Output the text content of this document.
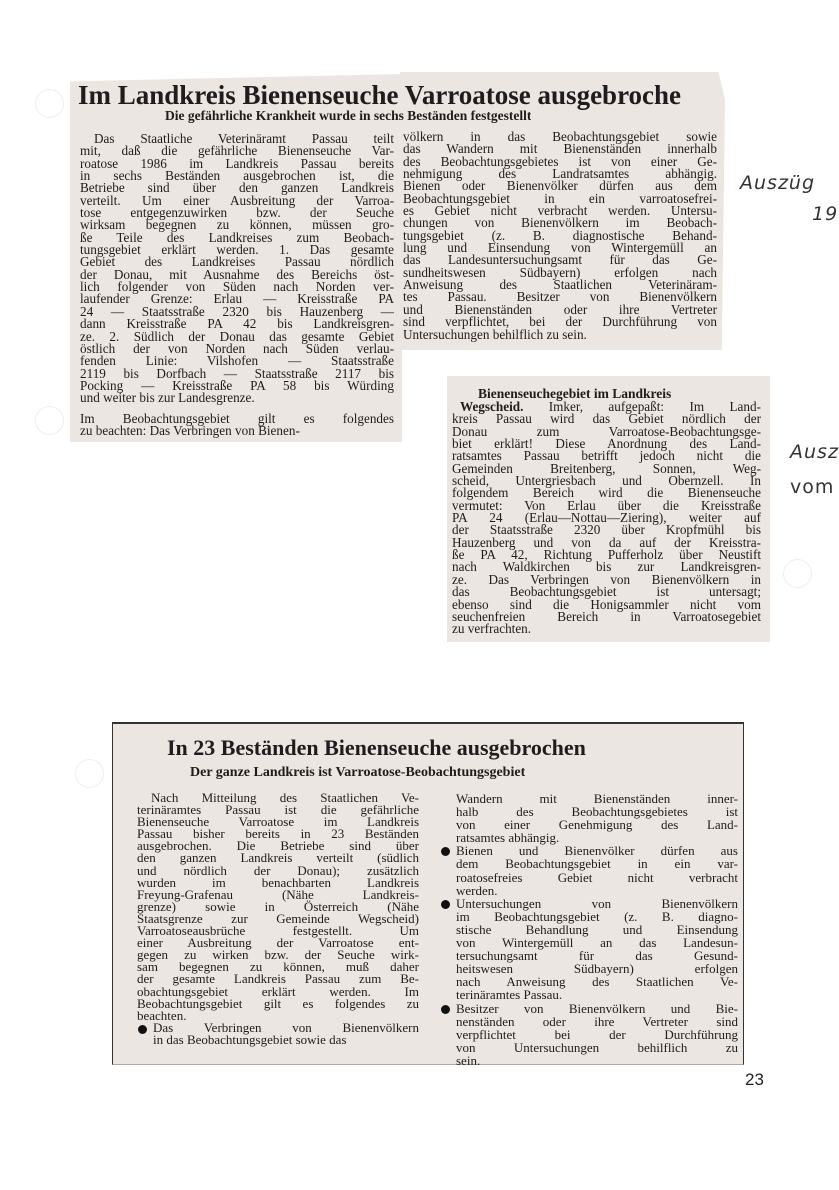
Im Landkreis Bienenseuche Varroatose ausgebroche
Die gefährliche Krankheit wurde in sechs Beständen festgestellt
Das Staatliche Veterinäramt Passau teilt
mit, daß die gefährliche Bienenseuche Var-
roatose 1986 im Landkreis Passau bereits
in sechs Beständen ausgebrochen ist, die
Betriebe sind über den ganzen Landkreis
verteilt. Um einer Ausbreitung der Varroa-
tose entgegenzuwirken bzw. der Seuche
wirksam begegnen zu können, müssen gro-
ße Teile des Landkreises zum Beobach-
tungsgebiet erklärt werden. 1. Das gesamte
Gebiet des Landkreises Passau nördlich
der Donau, mit Ausnahme des Bereichs öst-
lich folgender von Süden nach Norden ver-
laufender Grenze: Erlau — Kreisstraße PA
24 — Staatsstraße 2320 bis Hauzenberg —
dann Kreisstraße PA 42 bis Landkreisgren-
ze. 2. Südlich der Donau das gesamte Gebiet
östlich der von Norden nach Süden verlau-
fenden Linie: Vilshofen — Staatsstraße
2119 bis Dorfbach — Staatsstraße 2117 bis
Pocking — Kreisstraße PA 58 bis Würding
und weiter bis zur Landesgrenze.
Im Beobachtungsgebiet gilt es folgendes
zu beachten: Das Verbringen von Bienen-
völkern in das Beobachtungsgebiet sowie
das Wandern mit Bienenständen innerhalb
des Beobachtungsgebietes ist von einer Ge-
nehmigung des Landratsamtes abhängig.
Bienen oder Bienenvölker dürfen aus dem
Beobachtungsgebiet in ein varroatosefrei-
es Gebiet nicht verbracht werden. Untersu-
chungen von Bienenvölkern im Beobach-
tungsgebiet (z. B. diagnostische Behand-
lung und Einsendung von Wintergemüll an
das Landesuntersuchungsamt für das Ge-
sundheitswesen Südbayern) erfolgen nach
Anweisung des Staatlichen Veterinäram-
tes Passau. Besitzer von Bienenvölkern
und Bienenständen oder ihre Vertreter
sind verpflichtet, bei der Durchführung von
Untersuchungen behilflich zu sein.
Bienenseuchegebiet im Landkreis
Wegscheid. Imker, aufgepaßt: Im Land-
kreis Passau wird das Gebiet nördlich der
Donau zum Varroatose-Beobachtungsge-
biet erklärt! Diese Anordnung des Land-
ratsamtes Passau betrifft jedoch nicht die
Gemeinden Breitenberg, Sonnen, Weg-
scheid, Untergriesbach und Obernzell. In
folgendem Bereich wird die Bienenseuche
vermutet: Von Erlau über die Kreisstraße
PA 24 (Erlau—Nottau—Ziering), weiter auf
der Staatsstraße 2320 über Kropfmühl bis
Hauzenberg und von da auf der Kreisstra-
ße PA 42, Richtung Pufferholz über Neustift
nach Waldkirchen bis zur Landkreisgren-
ze. Das Verbringen von Bienenvölkern in
das Beobachtungsgebiet ist untersagt;
ebenso sind die Honigsammler nicht vom
seuchenfreien Bereich in Varroatosegebiet
zu verfrachten.
In 23 Beständen Bienenseuche ausgebrochen
Der ganze Landkreis ist Varroatose-Beobachtungsgebiet
Nach Mitteilung des Staatlichen Ve-
terinäramtes Passau ist die gefährliche
Bienenseuche Varroatose im Landkreis
Passau bisher bereits in 23 Beständen
ausgebrochen. Die Betriebe sind über
den ganzen Landkreis verteilt (südlich
und nördlich der Donau); zusätzlich
wurden im benachbarten Landkreis
Freyung-Grafenau (Nähe Landkreis-
grenze) sowie in Österreich (Nähe
Staatsgrenze zur Gemeinde Wegscheid)
Varroatoseausbrüche festgestellt. Um
einer Ausbreitung der Varroatose ent-
gegen zu wirken bzw. der Seuche wirk-
sam begegnen zu können, muß daher
der gesamte Landkreis Passau zum Be-
obachtungsgebiet erklärt werden. Im
Beobachtungsgebiet gilt es folgendes zu
beachten.
Das Verbringen von Bienenvölkern
in das Beobachtungsgebiet sowie das
Wandern mit Bienenständen inner-
halb des Beobachtungsgebietes ist
von einer Genehmigung des Land-
ratsamtes abhängig.
Bienen und Bienenvölker dürfen aus
dem Beobachtungsgebiet in ein var-
roatosefreies Gebiet nicht verbracht
werden.
Untersuchungen von Bienenvölkern
im Beobachtungsgebiet (z. B. diagno-
stische Behandlung und Einsendung
von Wintergemüll an das Landesun-
tersuchungsamt für das Gesund-
heitswesen Südbayern) erfolgen
nach Anweisung des Staatlichen Ve-
terinäramtes Passau.
Besitzer von Bienenvölkern und Bie-
nenständen oder ihre Vertreter sind
verpflichtet bei der Durchführung
von Untersuchungen behilflich zu
sein.
Auszüg
19
Ausz
vom
23
